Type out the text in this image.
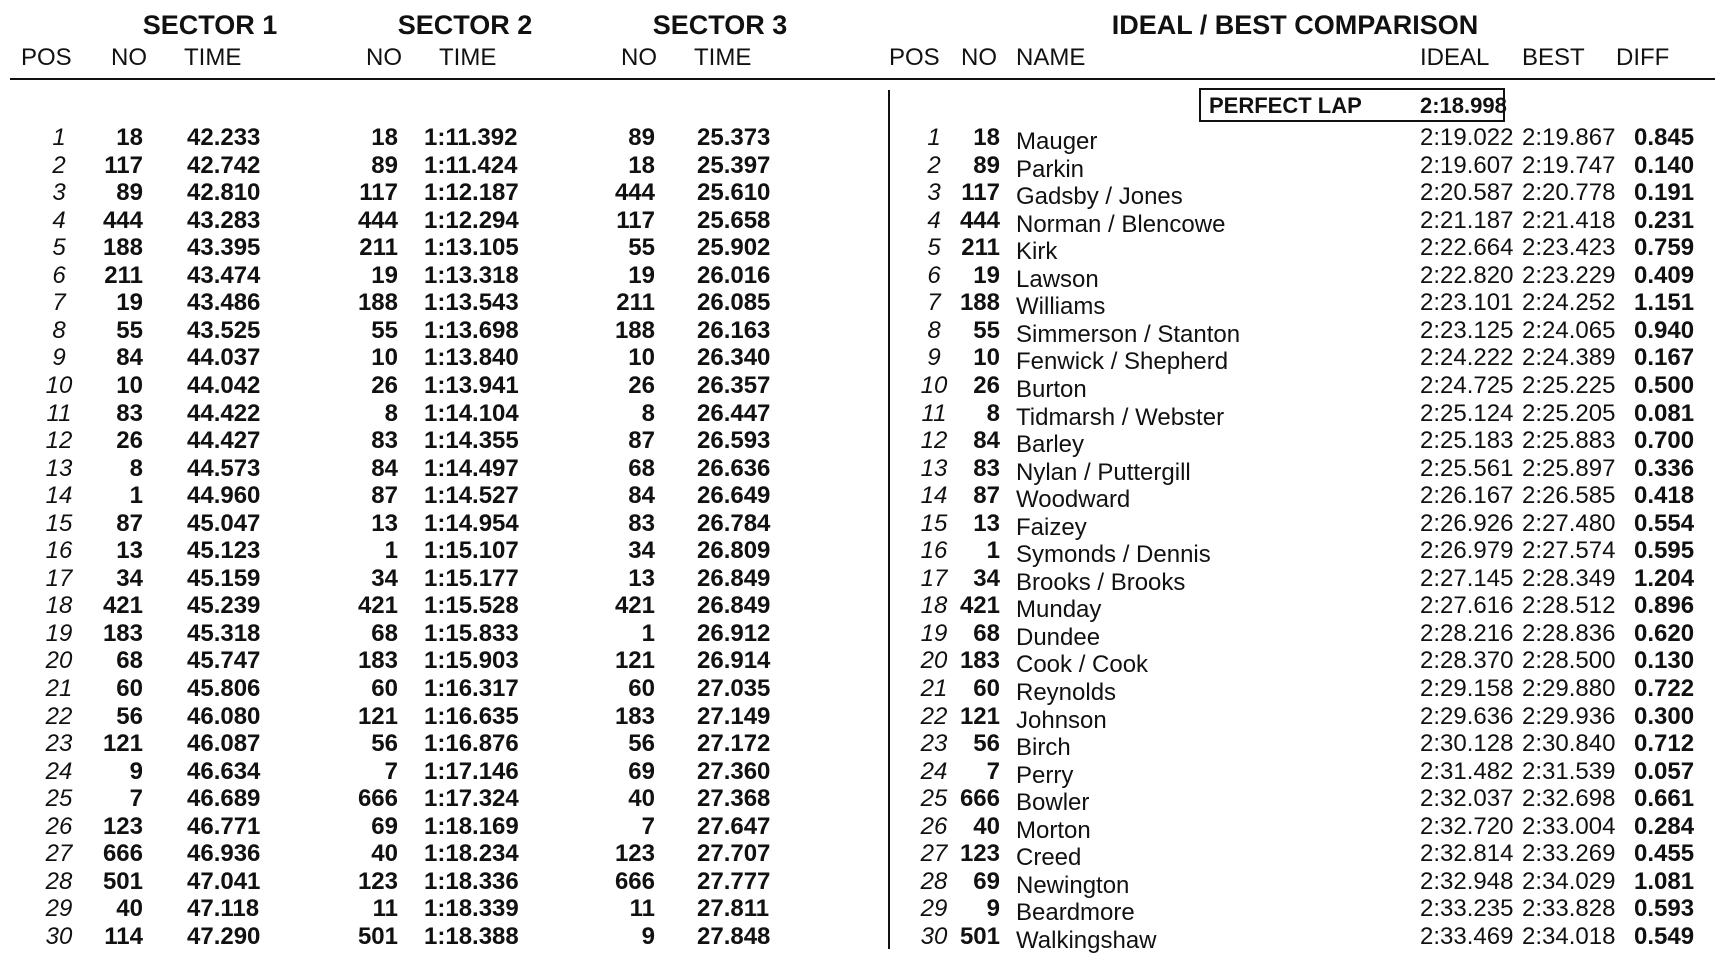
SECTOR 1	SECTOR 2	SECTOR 3	IDEAL / BEST COMPARISON
POS NO TIME	NO TIME	NO TIME	POS NO NAME	IDEAL BEST DIFF
PERFECT LAP	2:18.998
1	18 42.233	18 1:11.392	89 25.373	1	18 Mauger	2:19.022 2:19.867 0.845
2	117 42.742	89 1:11.424	18 25.397	2	89 Parkin	2:19.607 2:19.747 0.140
3	89 42.810	117 1:12.187	444 25.610	3 117 Gadsby / Jones	2:20.587 2:20.778 0.191
4	444 43.283	444 1:12.294	117 25.658	4 444 Norman / Blencowe	2:21.187 2:21.418 0.231
5	188 43.395	211 1:13.105	55 25.902	5 211 Kirk	2:22.664 2:23.423 0.759
6	211 43.474	19 1:13.318	19 26.016	6	19 Lawson	2:22.820 2:23.229 0.409
7	19 43.486	188 1:13.543	211 26.085	7 188 Williams	2:23.101 2:24.252 1.151
8	55 43.525	55 1:13.698	188 26.163	8	55 Simmerson / Stanton	2:23.125 2:24.065 0.940
9	84 44.037	10 1:13.840	10 26.340	9	10 Fenwick / Shepherd	2:24.222 2:24.389 0.167
10	10 44.042	26 1:13.941	26 26.357	10	26 Burton	2:24.725 2:25.225 0.500
11	83 44.422	8 1:14.104	8 26.447	11	8 Tidmarsh / Webster	2:25.124 2:25.205 0.081
12	26 44.427	83 1:14.355	87 26.593	12	84 Barley	2:25.183 2:25.883 0.700
13	8 44.573	84 1:14.497	68 26.636	13	83 Nylan / Puttergill	2:25.561 2:25.897 0.336
14	1 44.960	87 1:14.527	84 26.649	14	87 Woodward	2:26.167 2:26.585 0.418
15	87 45.047	13 1:14.954	83 26.784	15	13 Faizey	2:26.926 2:27.480 0.554
16	13 45.123	1 1:15.107	34 26.809	16	1 Symonds / Dennis	2:26.979 2:27.574 0.595
17	34 45.159	34 1:15.177	13 26.849	17	34 Brooks / Brooks	2:27.145 2:28.349 1.204
18	421 45.239	421 1:15.528	421 26.849	18 421 Munday	2:27.616 2:28.512 0.896
19	183 45.318	68 1:15.833	1 26.912	19	68 Dundee	2:28.216 2:28.836 0.620
20	68 45.747	183 1:15.903	121 26.914	20 183 Cook / Cook	2:28.370 2:28.500 0.130
21	60 45.806	60 1:16.317	60 27.035	21	60 Reynolds	2:29.158 2:29.880 0.722
22	56 46.080	121 1:16.635	183 27.149	22 121 Johnson	2:29.636 2:29.936 0.300
23	121 46.087	56 1:16.876	56 27.172	23	56 Birch	2:30.128 2:30.840 0.712
24	9 46.634	7 1:17.146	69 27.360	24	7 Perry	2:31.482 2:31.539 0.057
25	7 46.689	666 1:17.324	40 27.368	25 666 Bowler	2:32.037 2:32.698 0.661
26	123 46.771	69 1:18.169	7 27.647	26	40 Morton	2:32.720 2:33.004 0.284
27	666 46.936	40 1:18.234	123 27.707	27 123 Creed	2:32.814 2:33.269 0.455
28	501 47.041	123 1:18.336	666 27.777	28	69 Newington	2:32.948 2:34.029 1.081
29	40 47.118	11 1:18.339	11 27.811	29	9 Beardmore	2:33.235 2:33.828 0.593
30	114 47.290	501 1:18.388	9 27.848	30 501 Walkingshaw	2:33.469 2:34.018 0.549
